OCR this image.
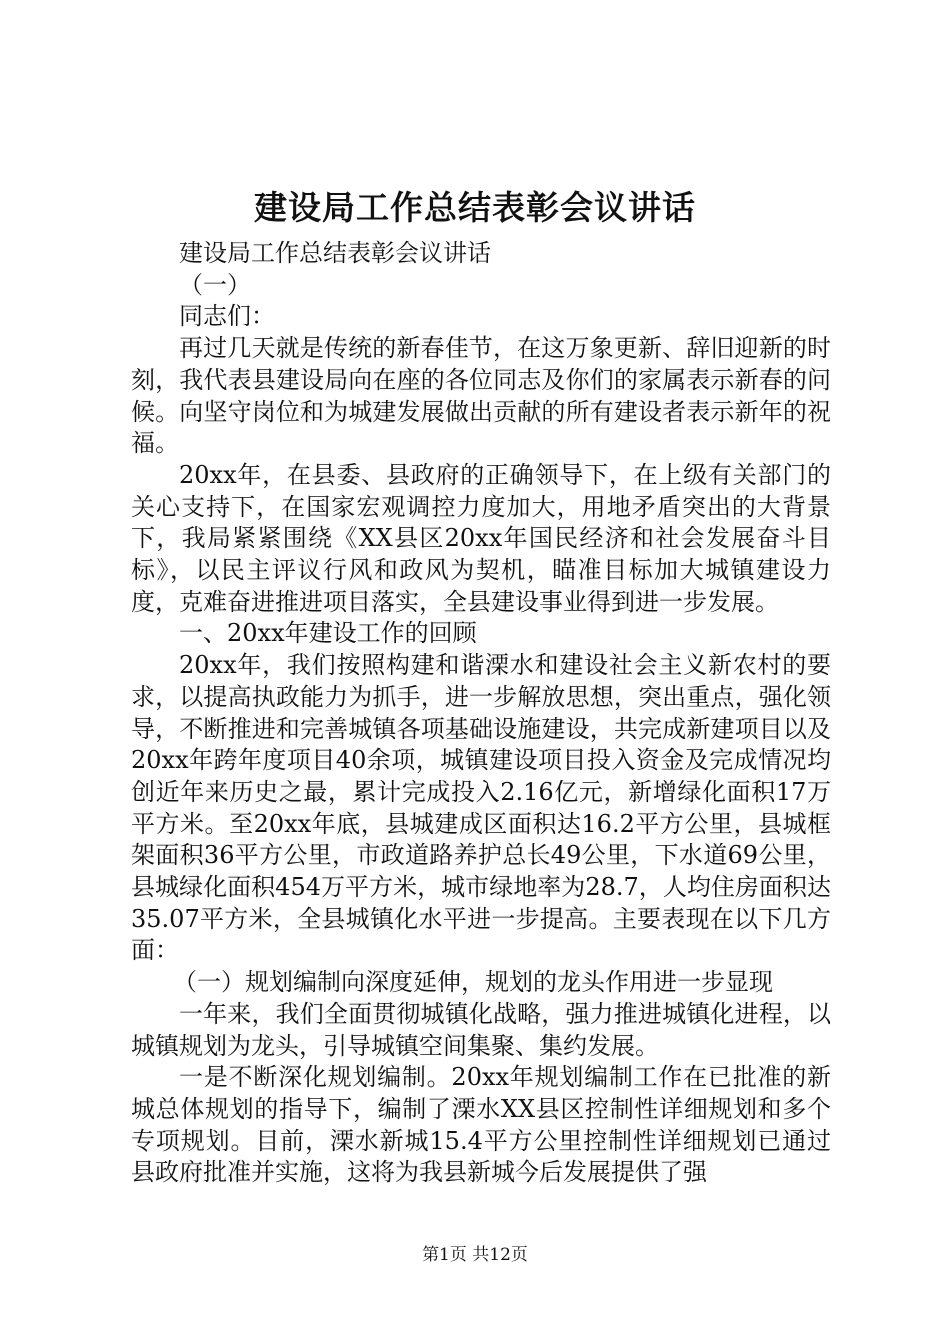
建设局工作总结表彰会议讲话

建设局工作总结表彰会议讲话

（一）

同志们：

再过几天就是传统的新春佳节，在这万象更新、辞旧迎新的时刻，我代表县建设局向在座的各位同志及你们的家属表示新春的问候。向坚守岗位和为城建发展做出贡献的所有建设者表示新年的祝福。

20xx年，在县委、县政府的正确领导下，在上级有关部门的关心支持下，在国家宏观调控力度加大，用地矛盾突出的大背景下，我局紧紧围绕《XX县区20xx年国民经济和社会发展奋斗目标》，以民主评议行风和政风为契机，瞄准目标加大城镇建设力度，克难奋进推进项目落实，全县建设事业得到进一步发展。

一、20xx年建设工作的回顾

20xx年，我们按照构建和谐溧水和建设社会主义新农村的要求，以提高执政能力为抓手，进一步解放思想，突出重点，强化领导，不断推进和完善城镇各项基础设施建设，共完成新建项目以及20xx年跨年度项目40余项，城镇建设项目投入资金及完成情况均创近年来历史之最，累计完成投入2.16亿元，新增绿化面积17万平方米。至20xx年底，县城建成区面积达16.2平方公里，县城框架面积36平方公里，市政道路养护总长49公里，下水道69公里，县城绿化面积454万平方米，城市绿地率为28.7，人均住房面积达35.07平方米，全县城镇化水平进一步提高。主要表现在以下几方面：

（一）规划编制向深度延伸，规划的龙头作用进一步显现

一年来，我们全面贯彻城镇化战略，强力推进城镇化进程，以城镇规划为龙头，引导城镇空间集聚、集约发展。

一是不断深化规划编制。20xx年规划编制工作在已批准的新城总体规划的指导下，编制了溧水XX县区控制性详细规划和多个专项规划。目前，溧水新城15.4平方公里控制性详细规划已通过县政府批准并实施，这将为我县新城今后发展提供了强

第1页 共12页
